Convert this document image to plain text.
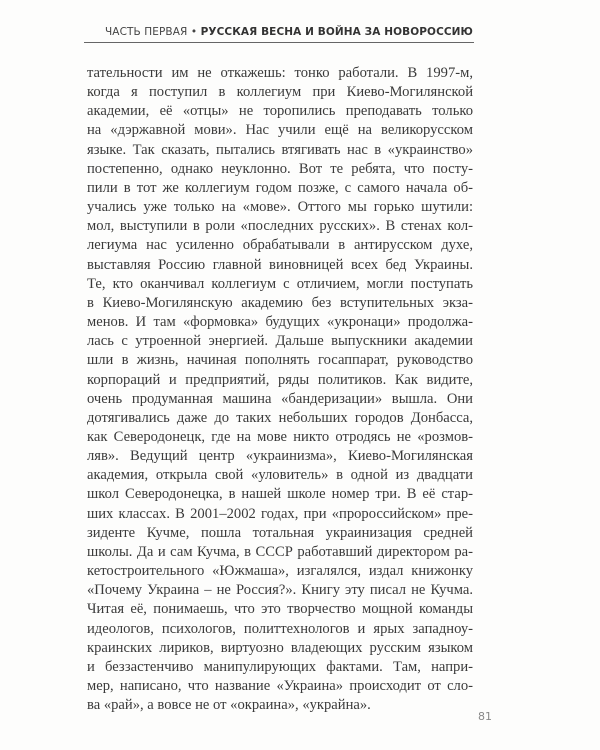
ЧАСТЬ ПЕРВАЯ • РУССКАЯ ВЕСНА И ВОЙНА ЗА НОВОРОССИЮ
тательности им не откажешь: тонко работали. В 1997-м,
когда я поступил в коллегиум при Киево-Могилянской
академии, её «отцы» не торопились преподавать только
на «дэржавной мови». Нас учили ещё на великорусском
языке. Так сказать, пытались втягивать нас в «украинство»
постепенно, однако неуклонно. Вот те ребята, что посту-
пили в тот же коллегиум годом позже, с самого начала об-
учались уже только на «мове». Оттого мы горько шутили:
мол, выступили в роли «последних русских». В стенах кол-
легиума нас усиленно обрабатывали в антирусском духе,
выставляя Россию главной виновницей всех бед Украины.
Те, кто оканчивал коллегиум с отличием, могли поступать
в Киево-Могилянскую академию без вступительных экза-
менов. И там «формовка» будущих «укронаци» продолжа-
лась с утроенной энергией. Дальше выпускники академии
шли в жизнь, начиная пополнять госаппарат, руководство
корпораций и предприятий, ряды политиков. Как видите,
очень продуманная машина «бандеризации» вышла. Они
дотягивались даже до таких небольших городов Донбасса,
как Северодонецк, где на мове никто отродясь не «розмов-
ляв». Ведущий центр «украинизма», Киево-Могилянская
академия, открыла свой «уловитель» в одной из двадцати
школ Северодонецка, в нашей школе номер три. В её стар-
ших классах. В 2001–2002 годах, при «пророссийском» пре-
зиденте Кучме, пошла тотальная украинизация средней
школы. Да и сам Кучма, в СССР работавший директором ра-
кетостроительного «Южмаша», изгалялся, издал книжонку
«Почему Украина – не Россия?». Книгу эту писал не Кучма.
Читая её, понимаешь, что это творчество мощной команды
идеологов, психологов, политтехнологов и ярых западноу-
краинских лириков, виртуозно владеющих русским языком
и беззастенчиво манипулирующих фактами. Там, напри-
мер, написано, что название «Украина» происходит от сло-
ва «рай», а вовсе не от «окраина», «украйна».
81
